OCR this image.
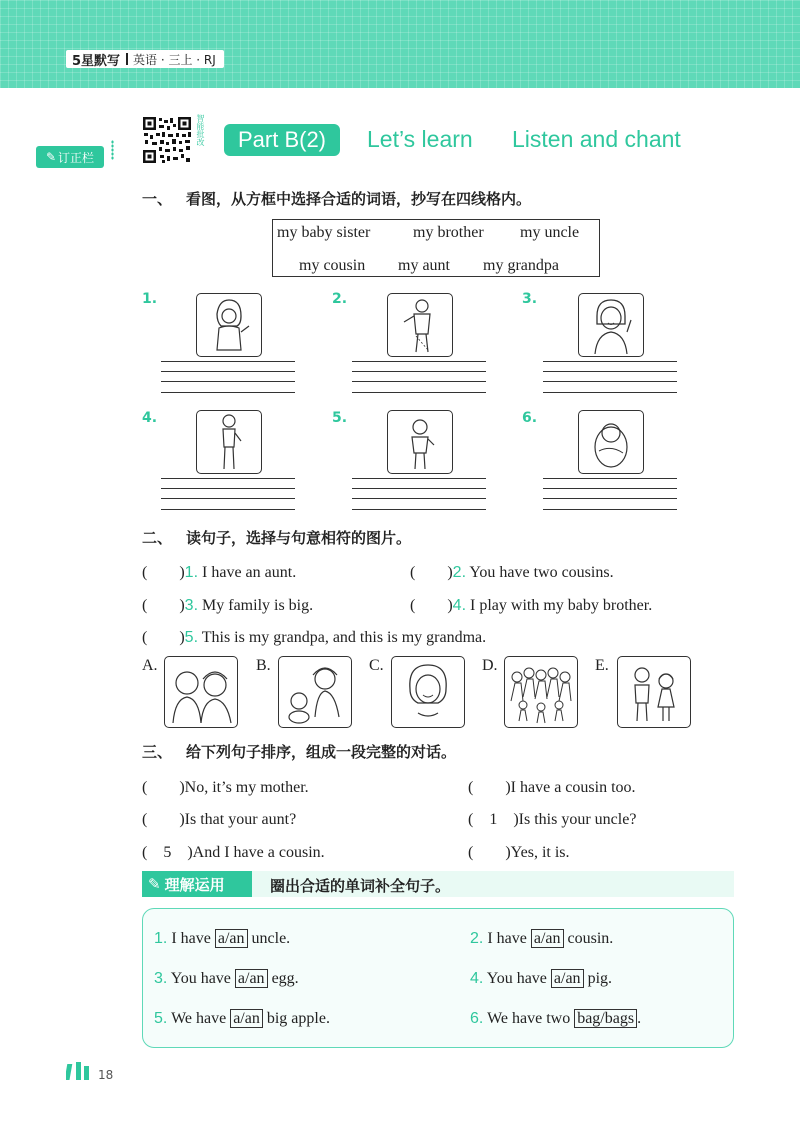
5星默写 英语 · 三上 · RJ
✎ 订正栏
智能批改	Part B(2)	Let’s learn Listen and chant
一、 看图，从方框中选择合适的词语，抄写在四线格内。
my baby sister	my brother my uncle
my cousin my aunt my grandpa
1.	2.	3.
4.	5.	6.
二、 读句子，选择与句意相符的图片。
(　　)1. I have an aunt.	(　　)2. You have two cousins.
(　　)3. My family is big.	(　　)4. I play with my baby brother.
(　　)5. This is my grandpa, and this is my grandma.
A.	B.	C.	D.	E.
三、 给下列句子排序，组成一段完整的对话。
(　　)No, it’s my mother.	(　　)I have a cousin too.
(　　)Is that your aunt?	(　1　)Is this your uncle?
(　5　)And I have a cousin.	(　　)Yes, it is.
✎ 理解运用	圈出合适的单词补全句子。
1. I have a/an uncle.	2. I have a/an cousin.
3. You have a/an egg.	4. You have a/an pig.
5. We have a/an big apple.	6. We have two bag/bags .
18
